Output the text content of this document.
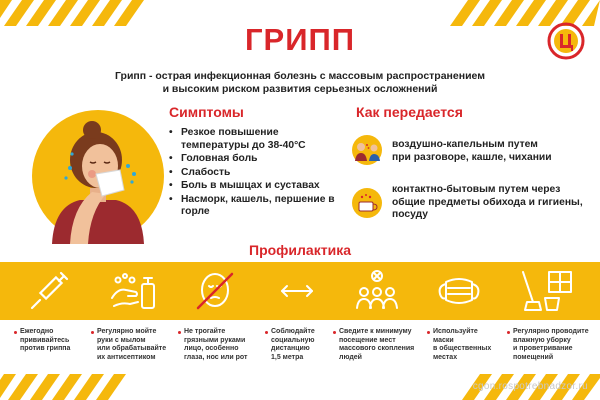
ГРИПП
Грипп - острая инфекционная болезнь с массовым распространением
и высоким риском развития серьезных осложнений
Симптомы
• Резкое повышение температуры до 38-40°С
• Головная боль
• Слабость
• Боль в мышцах и суставах
• Насморк, кашель, першение в горле
Как передается
воздушно-капельным путем
при разговоре, кашле, чихании
контактно-бытовым путем через
общие предметы обихода и гигиены,
посуду
Профилактика
Ежегодно
прививайтесь
против гриппа
Регулярно мойте
руки с мылом
или обрабатывайте
их антисептиком
Не трогайте
грязными руками
лицо, особенно
глаза, нос или рот
Соблюдайте
социальную
дистанцию
1,5 метра
Сведите к минимуму
посещение мест
массового скопления
людей
Используйте
маски
в общественных
местах
Регулярно проводите
влажную уборку
и проветривание
помещений
cgon.rospotrebnadzor.ru
